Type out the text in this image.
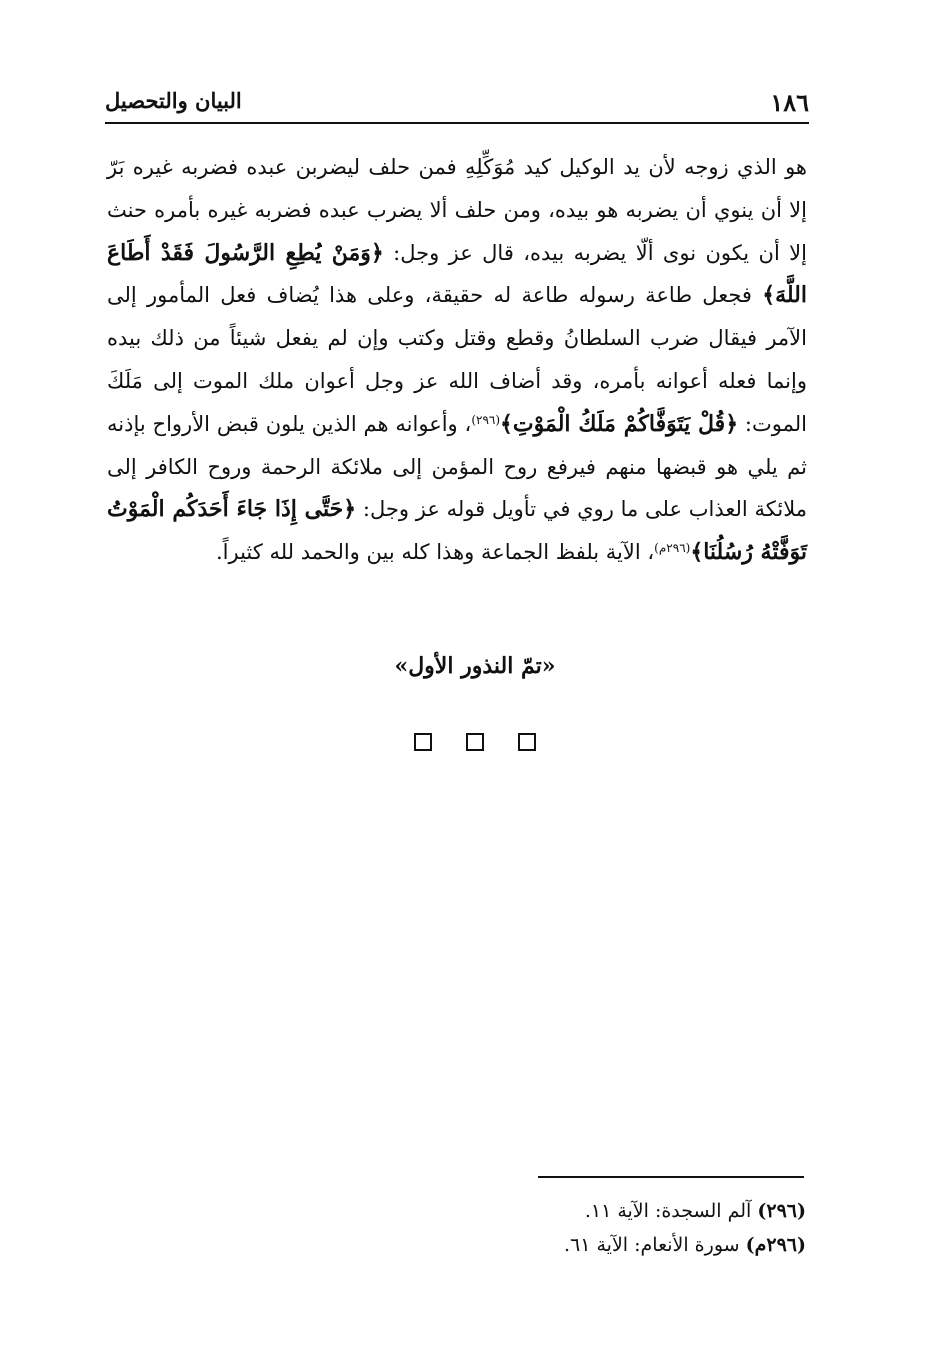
١٨٦
البيان والتحصيل

هو الذي زوجه لأن يد الوكيل كيد مُوَكِّلِهِ فمن حلف ليضربن عبده فضربه غيره بَرّ إلا أن ينوي أن يضربه هو بيده، ومن حلف ألا يضرب عبده فضربه غيره بأمره حنث إلا أن يكون نوى ألّا يضربه بيده، قال عز وجل: ﴿وَمَنْ يُطِعِ الرَّسُولَ فَقَدْ أَطَاعَ اللَّهَ﴾ فجعل طاعة رسوله طاعة له حقيقة، وعلى هذا يُضاف فعل المأمور إلى الآمر فيقال ضرب السلطانُ وقطع وقتل وكتب وإن لم يفعل شيئاً من ذلك بيده وإنما فعله أعوانه بأمره، وقد أضاف الله عز وجل أعوان ملك الموت إلى مَلَكَ الموت: ﴿قُلْ يَتَوَفَّاكُمْ مَلَكُ الْمَوْتِ﴾$^{(٢٩٦)}$، وأعوانه هم الذين يلون قبض الأرواح بإذنه ثم يلي هو قبضها منهم فيرفع روح المؤمن إلى ملائكة الرحمة وروح الكافر إلى ملائكة العذاب على ما روي في تأويل قوله عز وجل: ﴿حَتَّى إِذَا جَاءَ أَحَدَكُم الْمَوْتُ تَوَفَّتْهُ رُسُلُنَا﴾$^{(٢٩٦م)}$، الآية بلفظ الجماعة وهذا كله بين والحمد لله كثيراً.

«تمّ النذور الأول»
(٢٩٦) آلم السجدة: الآية ١١.
(٢٩٦م) سورة الأنعام: الآية ٦١.
